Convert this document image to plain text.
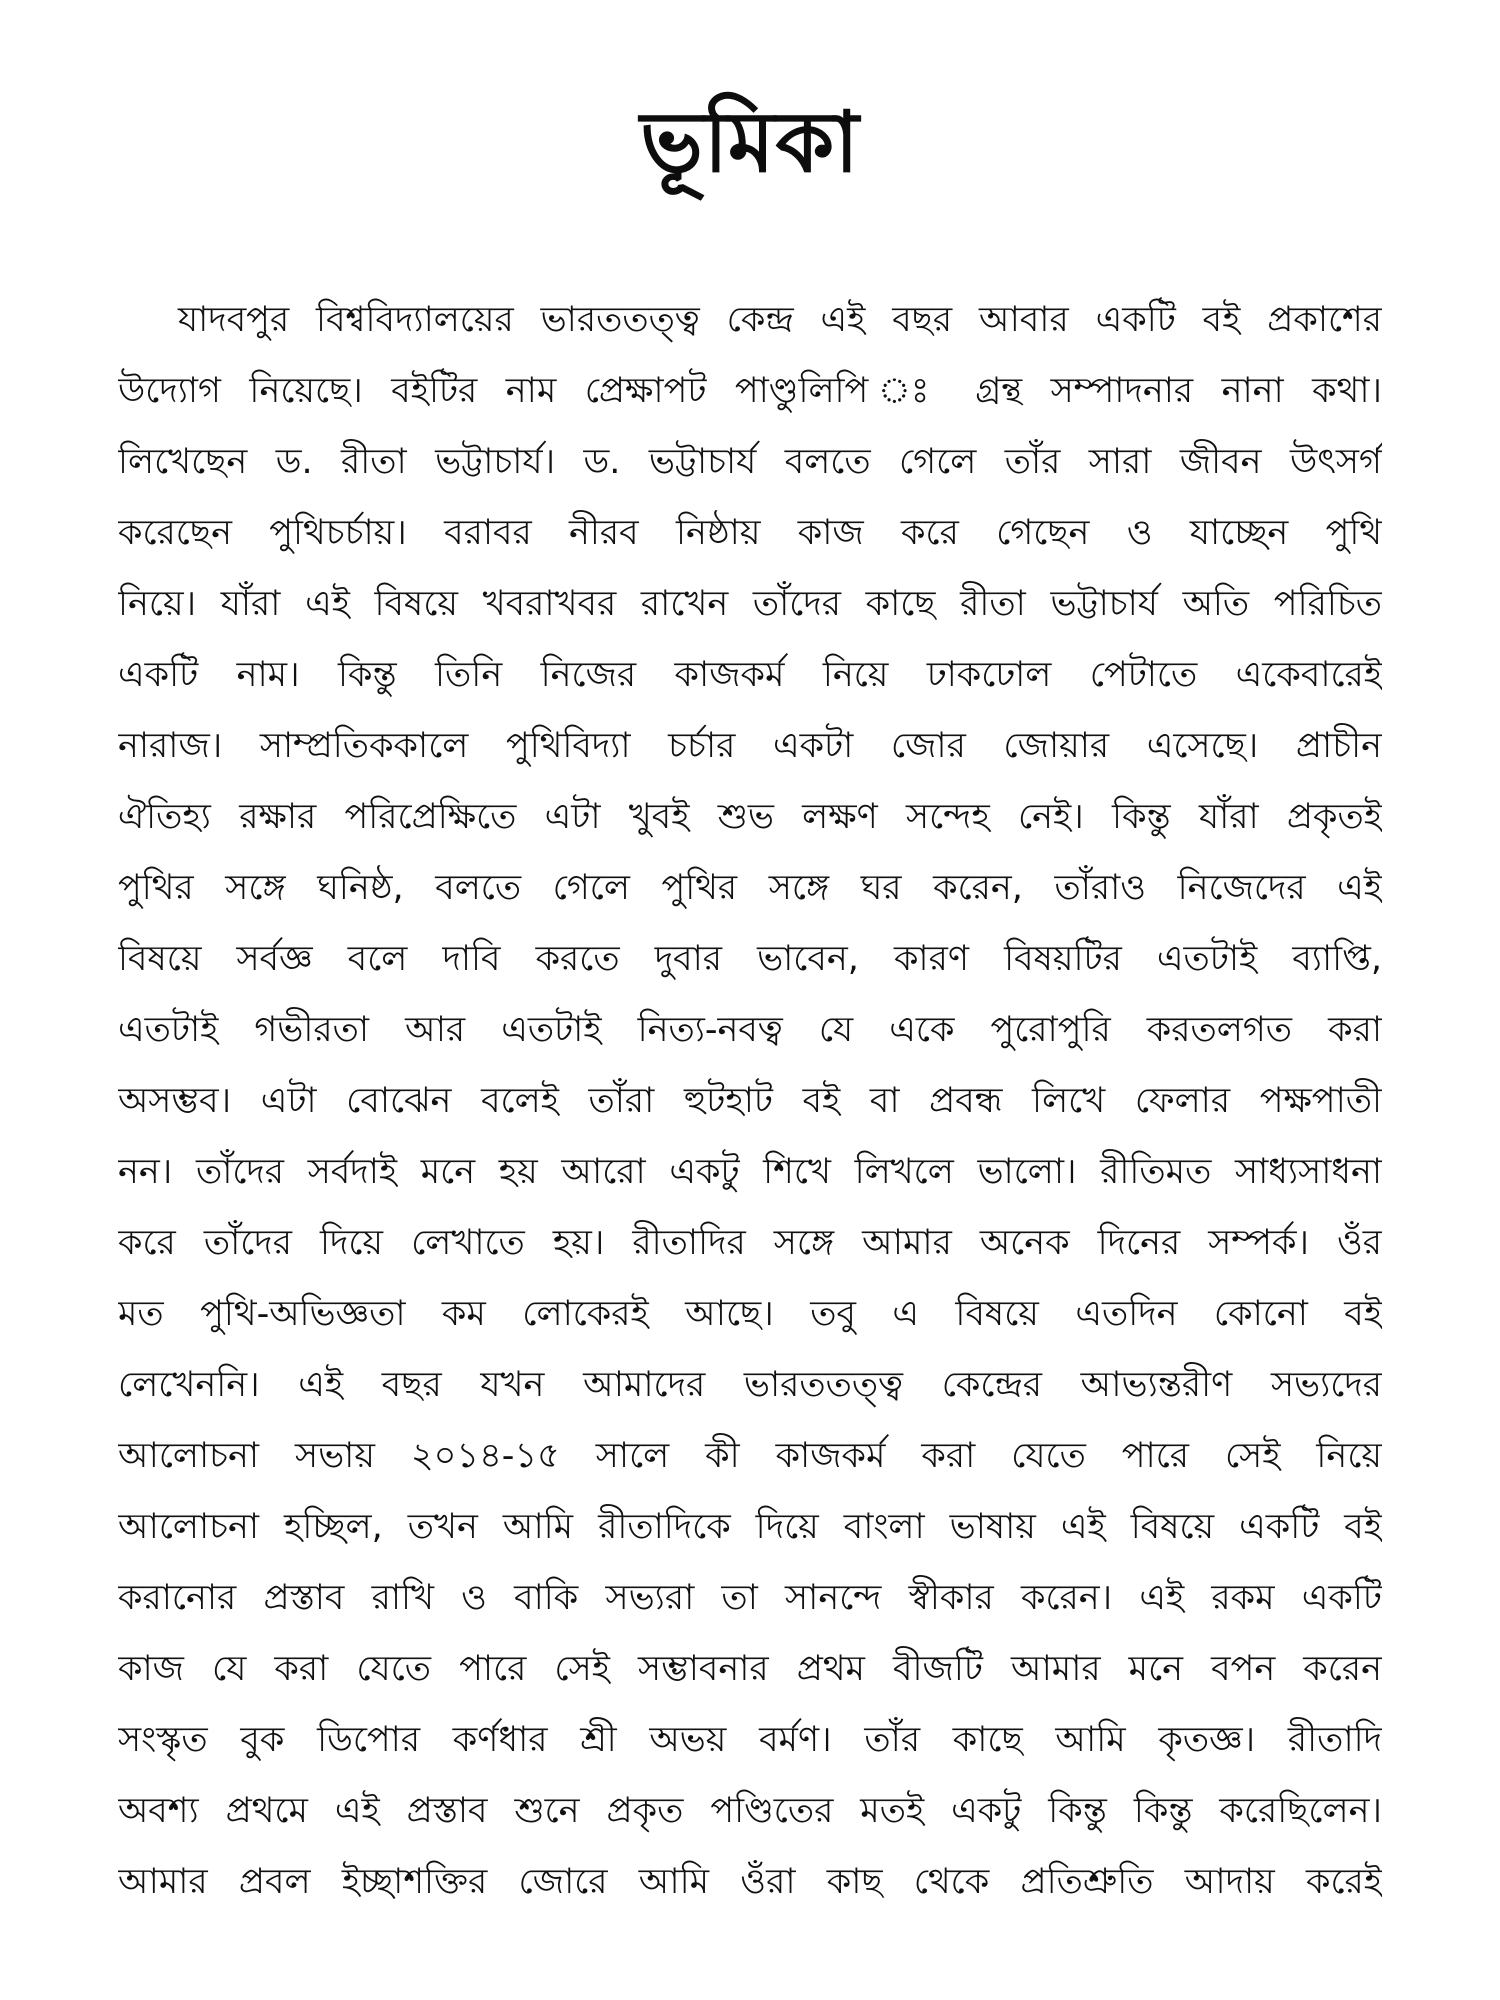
ভূমিকা
যাদবপুর বিশ্ববিদ্যালয়ের ভারততত্ত্ব কেন্দ্র এই বছর আবার একটি বই প্রকাশের
উদ্যোগ নিয়েছে। বইটির নাম প্রেক্ষাপট পাণ্ডুলিপি ঃ গ্রন্থ সম্পাদনার নানা কথা।
লিখেছেন ড. রীতা ভট্টাচার্য। ড. ভট্টাচার্য বলতে গেলে তাঁর সারা জীবন উৎসর্গ
করেছেন পুথিচর্চায়। বরাবর নীরব নিষ্ঠায় কাজ করে গেছেন ও যাচ্ছেন পুথি
নিয়ে। যাঁরা এই বিষয়ে খবরাখবর রাখেন তাঁদের কাছে রীতা ভট্টাচার্য অতি পরিচিত
একটি নাম। কিন্তু তিনি নিজের কাজকর্ম নিয়ে ঢাকঢোল পেটাতে একেবারেই
নারাজ। সাম্প্রতিককালে পুথিবিদ্যা চর্চার একটা জোর জোয়ার এসেছে। প্রাচীন
ঐতিহ্য রক্ষার পরিপ্রেক্ষিতে এটা খুবই শুভ লক্ষণ সন্দেহ নেই। কিন্তু যাঁরা প্রকৃতই
পুথির সঙ্গে ঘনিষ্ঠ, বলতে গেলে পুথির সঙ্গে ঘর করেন, তাঁরাও নিজেদের এই
বিষয়ে সর্বজ্ঞ বলে দাবি করতে দুবার ভাবেন, কারণ বিষয়টির এতটাই ব্যাপ্তি,
এতটাই গভীরতা আর এতটাই নিত্য-নবত্ব যে একে পুরোপুরি করতলগত করা
অসম্ভব। এটা বোঝেন বলেই তাঁরা হুটহাট বই বা প্রবন্ধ লিখে ফেলার পক্ষপাতী
নন। তাঁদের সর্বদাই মনে হয় আরো একটু শিখে লিখলে ভালো। রীতিমত সাধ্যসাধনা
করে তাঁদের দিয়ে লেখাতে হয়। রীতাদির সঙ্গে আমার অনেক দিনের সম্পর্ক। ওঁর
মত পুথি-অভিজ্ঞতা কম লোকেরই আছে। তবু এ বিষয়ে এতদিন কোনো বই
লেখেননি। এই বছর যখন আমাদের ভারততত্ত্ব কেন্দ্রের আভ্যন্তরীণ সভ্যদের
আলোচনা সভায় ২০১৪-১৫ সালে কী কাজকর্ম করা যেতে পারে সেই নিয়ে
আলোচনা হচ্ছিল, তখন আমি রীতাদিকে দিয়ে বাংলা ভাষায় এই বিষয়ে একটি বই
করানোর প্রস্তাব রাখি ও বাকি সভ্যরা তা সানন্দে স্বীকার করেন। এই রকম একটি
কাজ যে করা যেতে পারে সেই সম্ভাবনার প্রথম বীজটি আমার মনে বপন করেন
সংস্কৃত বুক ডিপোর কর্ণধার শ্রী অভয় বর্মণ। তাঁর কাছে আমি কৃতজ্ঞ। রীতাদি
অবশ্য প্রথমে এই প্রস্তাব শুনে প্রকৃত পণ্ডিতের মতই একটু কিন্তু কিন্তু করেছিলেন।
আমার প্রবল ইচ্ছাশক্তির জোরে আমি ওঁরা কাছ থেকে প্রতিশ্রুতি আদায় করেই
